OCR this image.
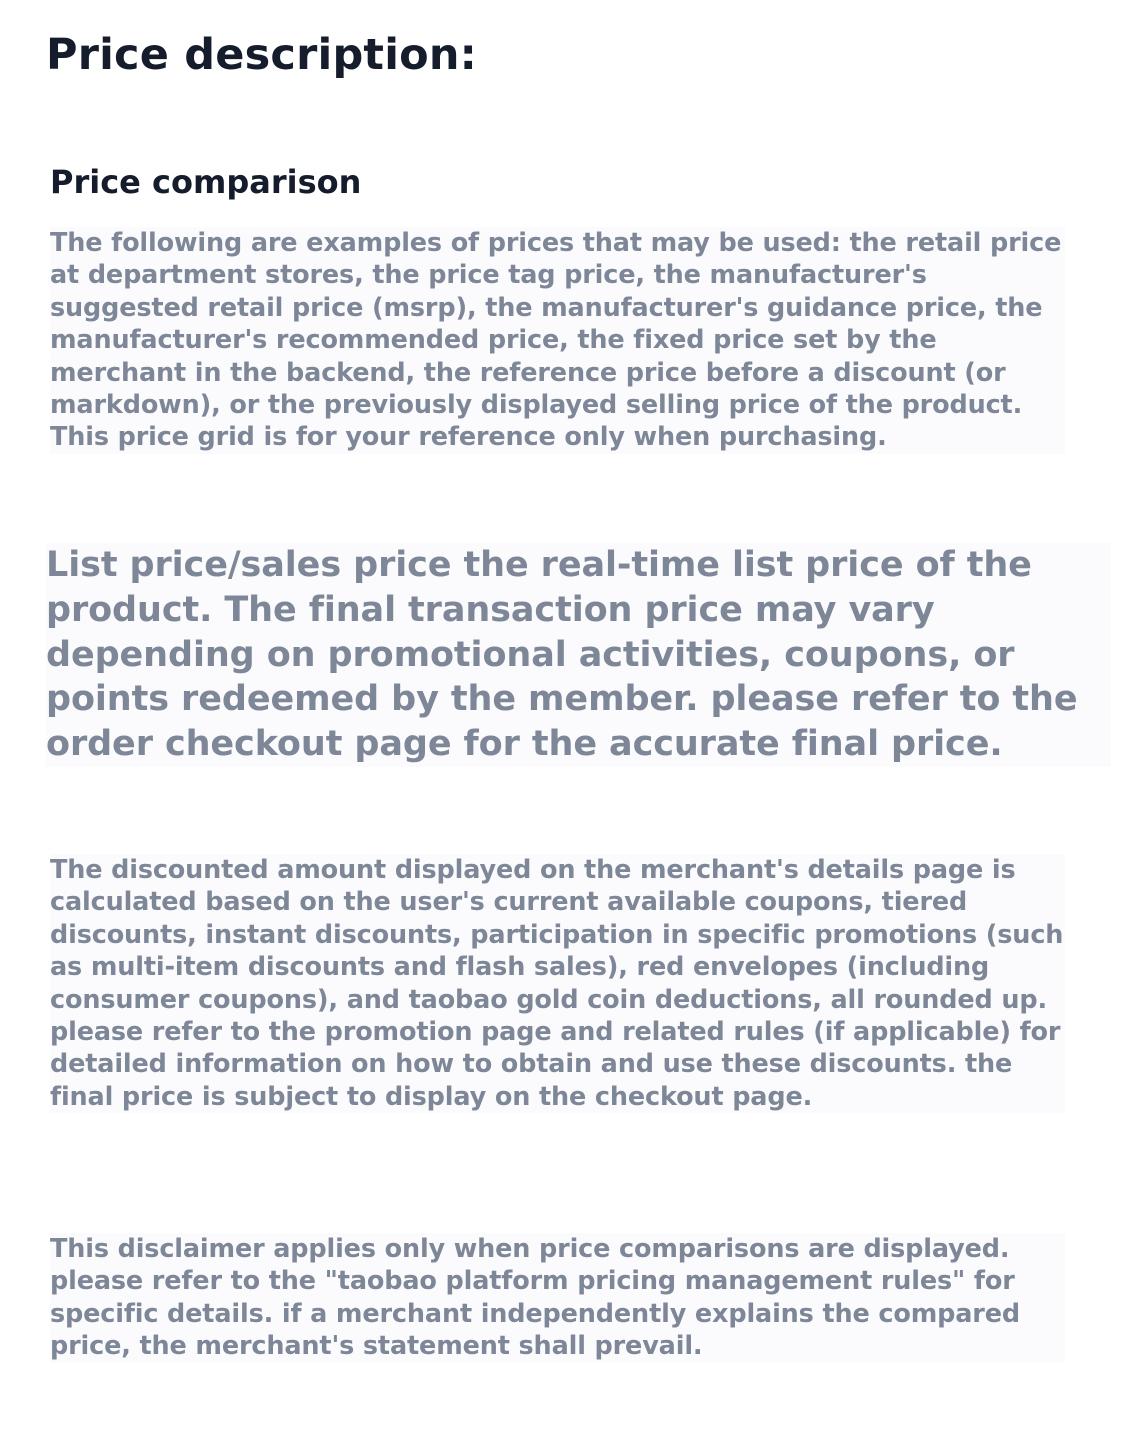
Price description:
Price comparison

The following are examples of prices that may be used: the retail price at department stores, the price tag price, the manufacturer's suggested retail price (msrp), the manufacturer's guidance price, the manufacturer's recommended price, the fixed price set by the merchant in the backend, the reference price before a discount (or markdown), or the previously displayed selling price of the product. This price grid is for your reference only when purchasing.

List price/sales price the real-time list price of the product. The final transaction price may vary depending on promotional activities, coupons, or points redeemed by the member. please refer to the order checkout page for the accurate final price.

The discounted amount displayed on the merchant's details page is calculated based on the user's current available coupons, tiered discounts, instant discounts, participation in specific promotions (such as multi-item discounts and flash sales), red envelopes (including consumer coupons), and taobao gold coin deductions, all rounded up. please refer to the promotion page and related rules (if applicable) for detailed information on how to obtain and use these discounts. the final price is subject to display on the checkout page.

This disclaimer applies only when price comparisons are displayed. please refer to the "taobao platform pricing management rules" for specific details. if a merchant independently explains the compared price, the merchant's statement shall prevail.
